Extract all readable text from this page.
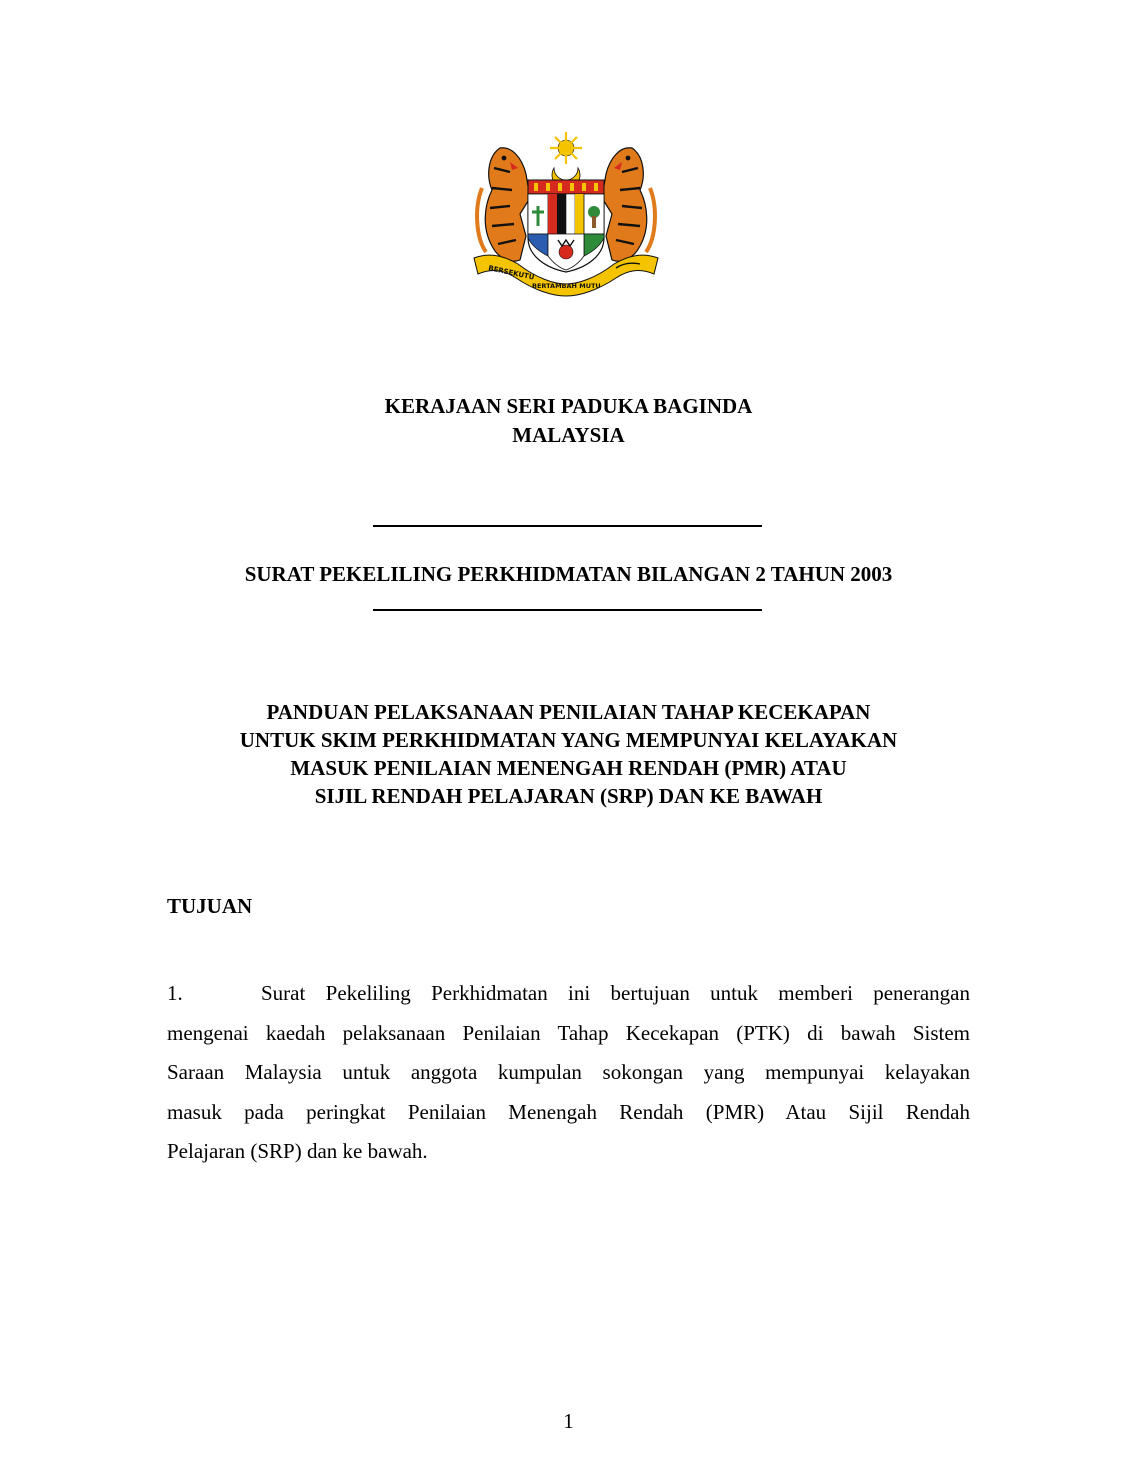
BERSEKUTU
BERTAMBAH MUTU
KERAJAAN SERI PADUKA BAGINDA
MALAYSIA
SURAT PEKELILING PERKHIDMATAN BILANGAN 2 TAHUN 2003
PANDUAN PELAKSANAAN PENILAIAN TAHAP KECEKAPAN
UNTUK SKIM PERKHIDMATAN YANG MEMPUNYAI KELAYAKAN
MASUK PENILAIAN MENENGAH RENDAH (PMR) ATAU
SIJIL RENDAH PELAJARAN (SRP) DAN KE BAWAH
TUJUAN
1.	Surat Pekeliling Perkhidmatan ini bertujuan untuk memberi penerangan
mengenai kaedah pelaksanaan Penilaian Tahap Kecekapan (PTK) di bawah Sistem
Saraan Malaysia untuk anggota kumpulan sokongan yang mempunyai kelayakan
masuk pada peringkat Penilaian Menengah Rendah (PMR) Atau Sijil Rendah
Pelajaran (SRP) dan ke bawah.
1
